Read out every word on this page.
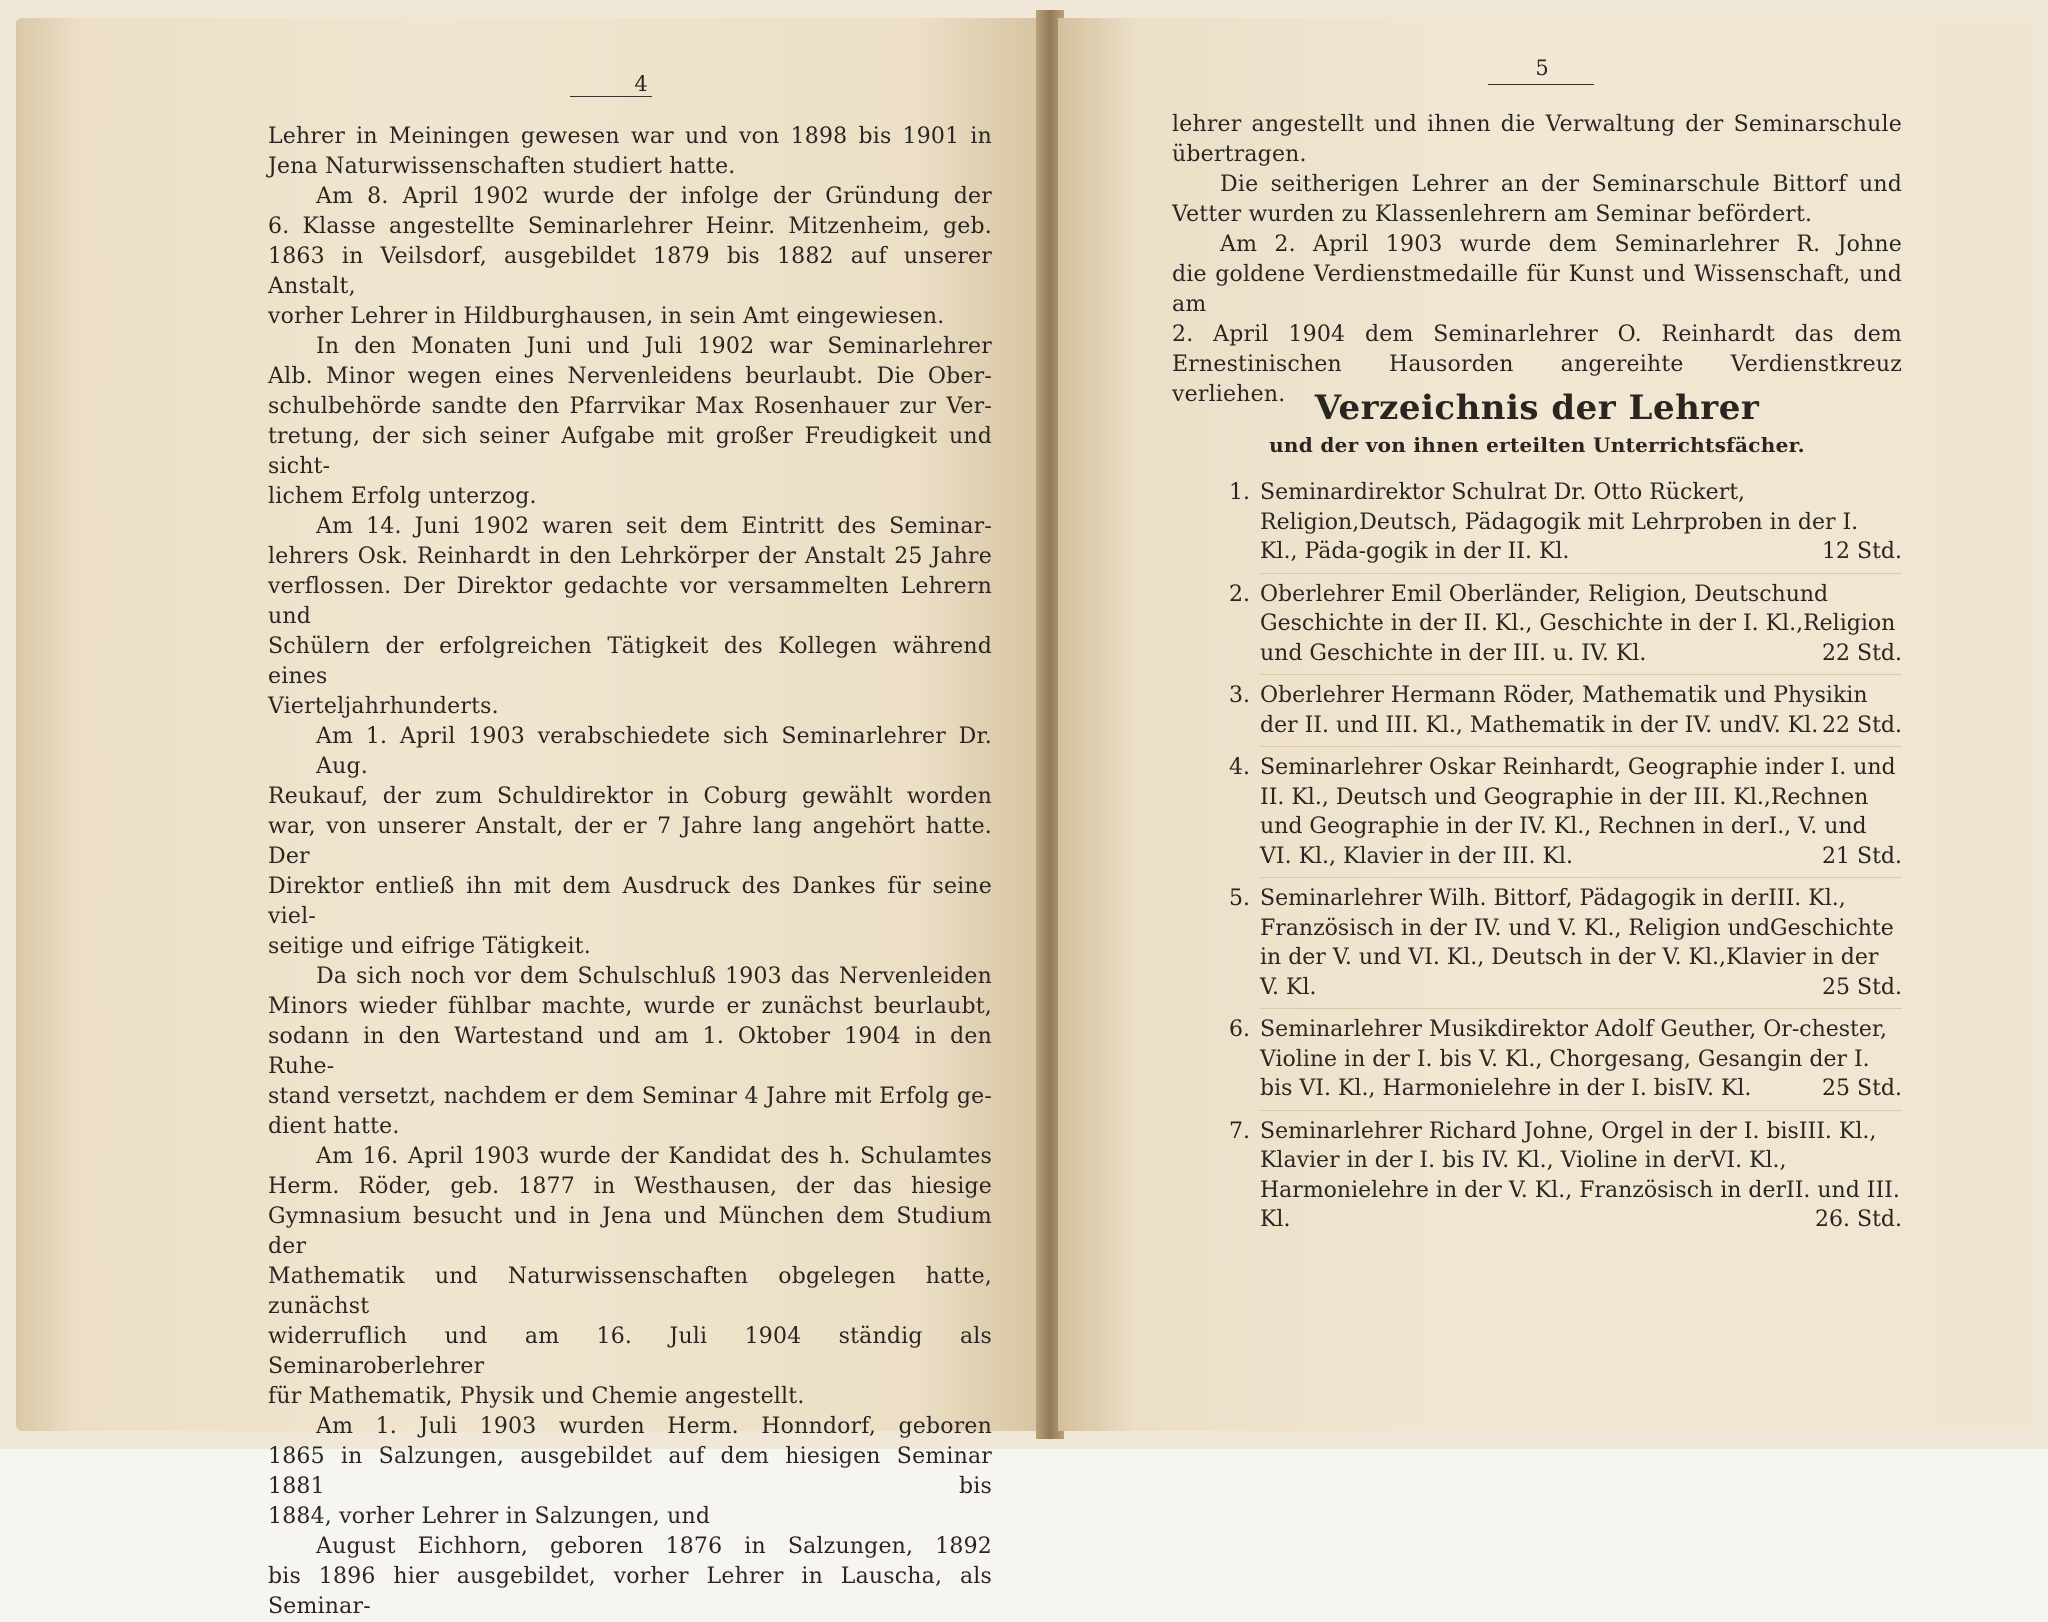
4

Lehrer in Meiningen gewesen war und von 1898 bis 1901 in
Jena Naturwissenschaften studiert hatte.

Am 8. April 1902 wurde der infolge der Gründung der
6. Klasse angestellte Seminarlehrer Heinr. Mitzenheim, geb.
1863 in Veilsdorf, ausgebildet 1879 bis 1882 auf unserer Anstalt,
vorher Lehrer in Hildburghausen, in sein Amt eingewiesen.

In den Monaten Juni und Juli 1902 war Seminarlehrer
Alb. Minor wegen eines Nervenleidens beurlaubt. Die Ober-
schulbehörde sandte den Pfarrvikar Max Rosenhauer zur Ver-
tretung, der sich seiner Aufgabe mit großer Freudigkeit und sicht-
lichem Erfolg unterzog.

Am 14. Juni 1902 waren seit dem Eintritt des Seminar-
lehrers Osk. Reinhardt in den Lehrkörper der Anstalt 25 Jahre
verflossen. Der Direktor gedachte vor versammelten Lehrern und
Schülern der erfolgreichen Tätigkeit des Kollegen während eines
Vierteljahrhunderts.

Am 1. April 1903 verabschiedete sich Seminarlehrer Dr. Aug.
Reukauf, der zum Schuldirektor in Coburg gewählt worden
war, von unserer Anstalt, der er 7 Jahre lang angehört hatte. Der
Direktor entließ ihn mit dem Ausdruck des Dankes für seine viel-
seitige und eifrige Tätigkeit.

Da sich noch vor dem Schulschluß 1903 das Nervenleiden
Minors wieder fühlbar machte, wurde er zunächst beurlaubt,
sodann in den Wartestand und am 1. Oktober 1904 in den Ruhe-
stand versetzt, nachdem er dem Seminar 4 Jahre mit Erfolg ge-
dient hatte.

Am 16. April 1903 wurde der Kandidat des h. Schulamtes
Herm. Röder, geb. 1877 in Westhausen, der das hiesige
Gymnasium besucht und in Jena und München dem Studium der
Mathematik und Naturwissenschaften obgelegen hatte, zunächst
widerruflich und am 16. Juli 1904 ständig als Seminaroberlehrer
für Mathematik, Physik und Chemie angestellt.

Am 1. Juli 1903 wurden Herm. Honndorf, geboren
1865 in Salzungen, ausgebildet auf dem hiesigen Seminar 1881 bis
1884, vorher Lehrer in Salzungen, und

August Eichhorn, geboren 1876 in Salzungen, 1892
bis 1896 hier ausgebildet, vorher Lehrer in Lauscha, als Seminar-

5

lehrer angestellt und ihnen die Verwaltung der Seminarschule
übertragen.

Die seitherigen Lehrer an der Seminarschule Bittorf und
Vetter wurden zu Klassenlehrern am Seminar befördert.

Am 2. April 1903 wurde dem Seminarlehrer R. Johne
die goldene Verdienstmedaille für Kunst und Wissenschaft, und am
2. April 1904 dem Seminarlehrer O. Reinhardt das dem
Ernestinischen Hausorden angereihte Verdienstkreuz verliehen. Verzeichnis der Lehrer
und der von ihnen erteilten Unterrichtsfächer.
1. Seminardirektor Schulrat Dr. Otto Rückert, Religion,Deutsch, Pädagogik mit Lehrproben in der I. Kl., Päda-gogik in der II. Kl.	12 Std.
2. Oberlehrer Emil Oberländer, Religion, Deutschund Geschichte in der II. Kl., Geschichte in der I. Kl.,Religion und Geschichte in der III. u. IV. Kl.	22 Std.
3. Oberlehrer Hermann Röder, Mathematik und Physikin der II. und III. Kl., Mathematik in der IV. undV. Kl. 22 Std.
4. Seminarlehrer Oskar Reinhardt, Geographie inder I. und II. Kl., Deutsch und Geographie in der III. Kl.,Rechnen und Geographie in der IV. Kl., Rechnen in derI., V. und VI. Kl., Klavier in der III. Kl.	21 Std.
5. Seminarlehrer Wilh. Bittorf, Pädagogik in derIII. Kl., Französisch in der IV. und V. Kl., Religion undGeschichte in der V. und VI. Kl., Deutsch in der V. Kl.,Klavier in der V. Kl.	25 Std.
6. Seminarlehrer Musikdirektor Adolf Geuther, Or-chester, Violine in der I. bis V. Kl., Chorgesang, Gesangin der I. bis VI. Kl., Harmonielehre in der I. bisIV. Kl.	25 Std.
7. Seminarlehrer Richard Johne, Orgel in der I. bisIII. Kl., Klavier in der I. bis IV. Kl., Violine in derVI. Kl., Harmonielehre in der V. Kl., Französisch in derII. und III. Kl.	26. Std.
